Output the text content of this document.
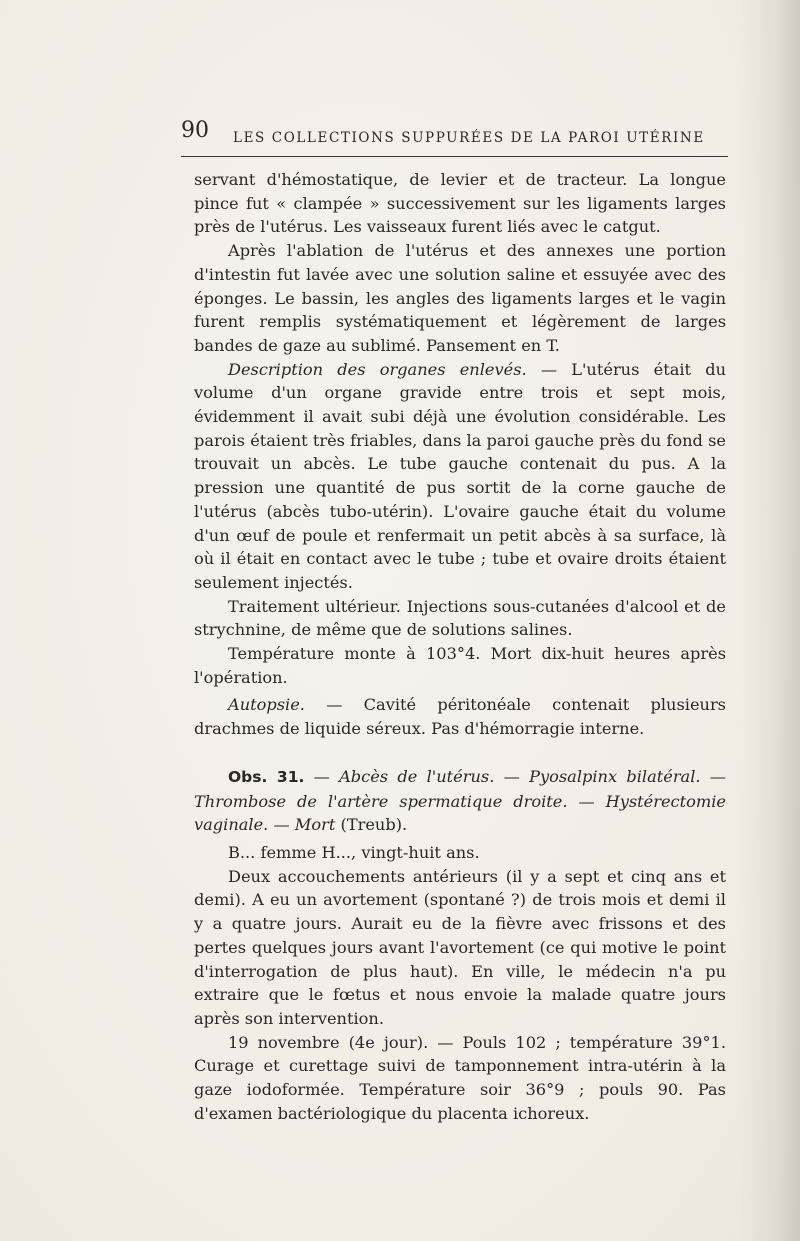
90 LES COLLECTIONS SUPPURÉES DE LA PAROI UTÉRINE

servant d'hémostatique, de levier et de tracteur. La longue pince fut « clampée » successivement sur les ligaments larges près de l'utérus. Les vaisseaux furent liés avec le catgut.

Après l'ablation de l'utérus et des annexes une portion d'intestin fut lavée avec une solution saline et essuyée avec des éponges. Le bassin, les angles des ligaments larges et le vagin furent remplis systématiquement et légèrement de larges bandes de gaze au sublimé. Pansement en T.

Description des organes enlevés. — L'utérus était du volume d'un organe gravide entre trois et sept mois, évidemment il avait subi déjà une évolution considérable. Les parois étaient très friables, dans la paroi gauche près du fond se trouvait un abcès. Le tube gauche contenait du pus. A la pression une quantité de pus sortit de la corne gauche de l'utérus (abcès tubo-utérin). L'ovaire gauche était du volume d'un œuf de poule et renfermait un petit abcès à sa surface, là où il était en contact avec le tube ; tube et ovaire droits étaient seulement injectés.

Traitement ultérieur. Injections sous-cutanées d'alcool et de strychnine, de même que de solutions salines.

Température monte à 103°4. Mort dix-huit heures après l'opération.

Autopsie. — Cavité péritonéale contenait plusieurs drachmes de liquide séreux. Pas d'hémorragie interne.

Obs. 31. — Abcès de l'utérus. — Pyosalpinx bilatéral. — Thrombose de l'artère spermatique droite. — Hystérectomie vaginale. — Mort (Treub).

B... femme H..., vingt-huit ans.

Deux accouchements antérieurs (il y a sept et cinq ans et demi). A eu un avortement (spontané ?) de trois mois et demi il y a quatre jours. Aurait eu de la fièvre avec frissons et des pertes quelques jours avant l'avortement (ce qui motive le point d'interrogation de plus haut). En ville, le médecin n'a pu extraire que le fœtus et nous envoie la malade quatre jours après son intervention.

19 novembre (4e jour). — Pouls 102 ; température 39°1. Curage et curettage suivi de tamponnement intra-utérin à la gaze iodoformée. Température soir 36°9 ; pouls 90. Pas d'examen bactériologique du placenta ichoreux.
